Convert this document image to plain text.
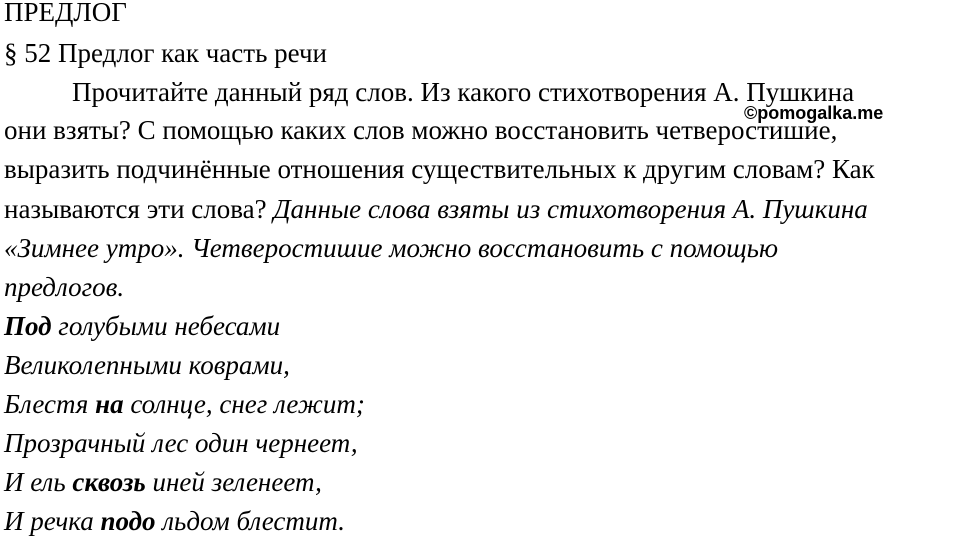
ПРЕДЛОГ
§ 52 Предлог как часть речи
Прочитайте данный ряд слов. Из какого стихотворения А. Пушкина
они взяты? С помощью каких слов можно восстановить четверостишие,
выразить подчинённые отношения существительных к другим словам? Как
называются эти слова? Данные слова взяты из стихотворения А. Пушкина
«Зимнее утро». Четверостишие можно восстановить с помощью
предлогов.
Под голубыми небесами
Великолепными коврами,
Блестя на солнце, снег лежит;
Прозрачный лес один чернеет,
И ель сквозь иней зеленеет,
И речка подо льдом блестит.
©pomogalka.me
